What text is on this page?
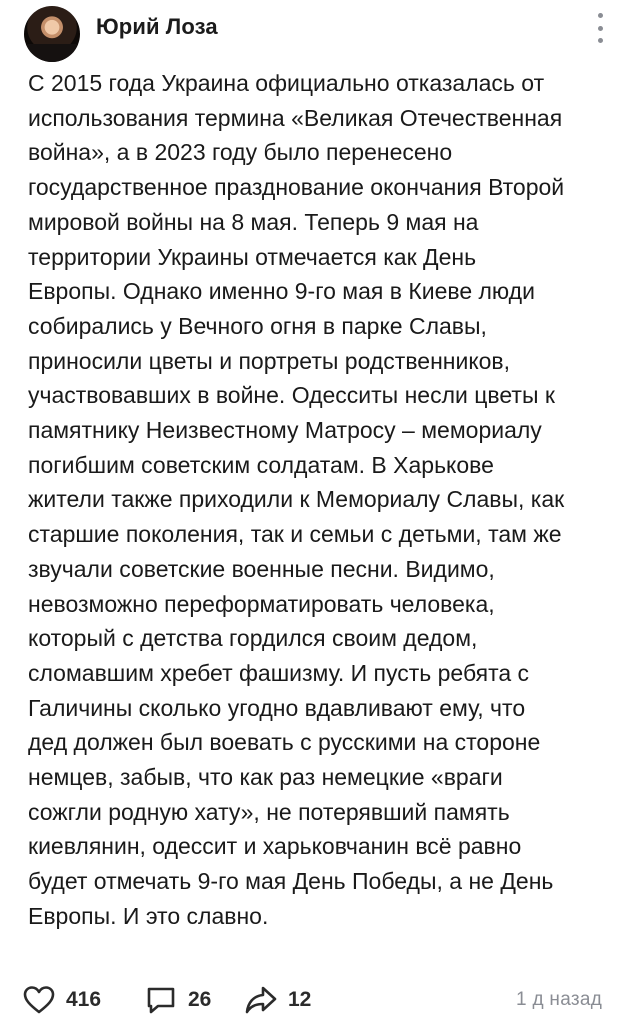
Юрий Лоза
С 2015 года Украина официально отказалась от
использования термина «Великая Отечественная
война», а в 2023 году было перенесено
государственное празднование окончания Второй
мировой войны на 8 мая. Теперь 9 мая на
территории Украины отмечается как День
Европы. Однако именно 9-го мая в Киеве люди
собирались у Вечного огня в парке Славы,
приносили цветы и портреты родственников,
участвовавших в войне. Одесситы несли цветы к
памятнику Неизвестному Матросу – мемориалу
погибшим советским солдатам. В Харькове
жители также приходили к Мемориалу Славы, как
старшие поколения, так и семьи с детьми, там же
звучали советские военные песни. Видимо,
невозможно переформатировать человека,
который с детства гордился своим дедом,
сломавшим хребет фашизму. И пусть ребята с
Галичины сколько угодно вдавливают ему, что
дед должен был воевать с русскими на стороне
немцев, забыв, что как раз немецкие «враги
сожгли родную хату», не потерявший память
киевлянин, одессит и харьковчанин всё равно
будет отмечать 9-го мая День Победы, а не День
Европы. И это славно.
416	26	12	1 д назад
